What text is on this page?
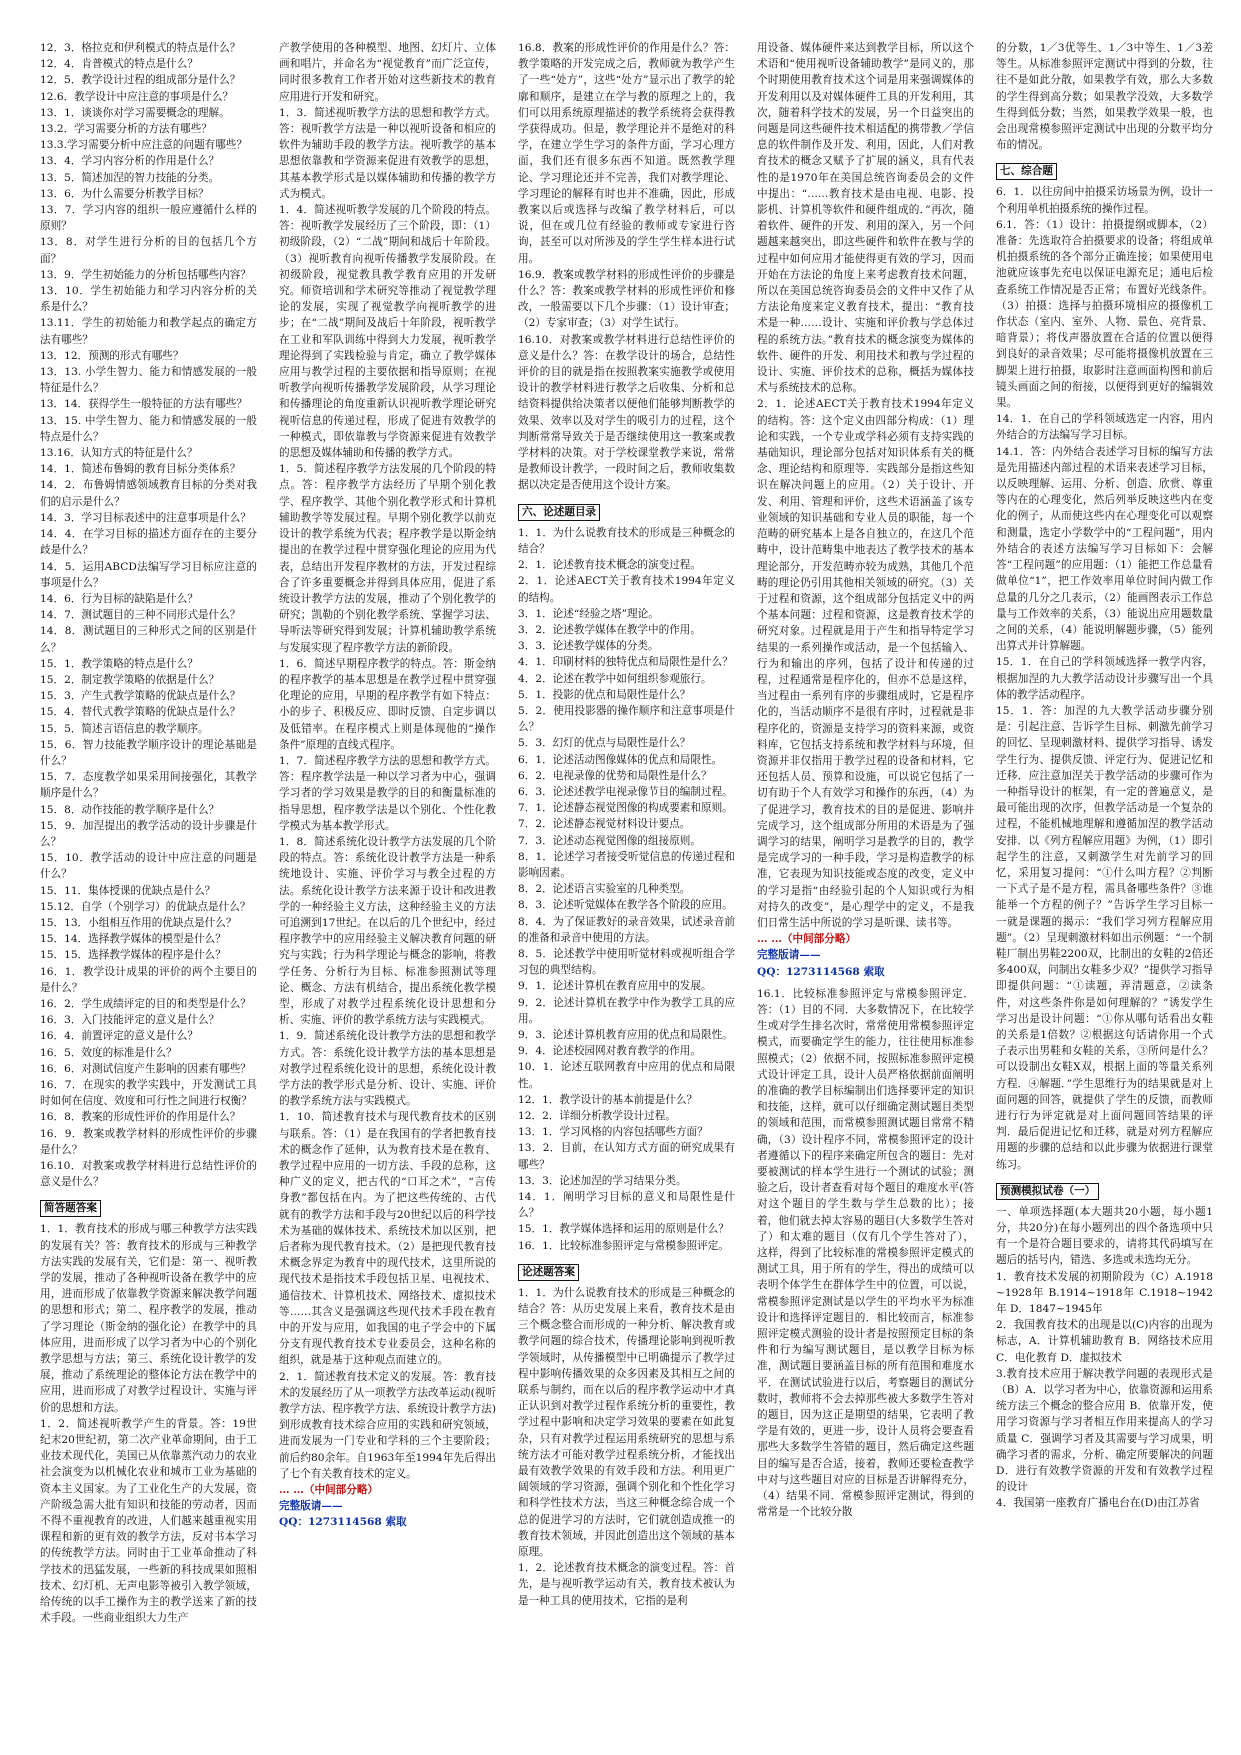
12．3．格拉克和伊利模式的特点是什么？

12．4．肯普模式的特点是什么？

12．5．教学设计过程的组成部分是什么？

12.6．教学设计中应注意的事项是什么？

13．1．谈谈你对学习需要概念的理解。

13.2．学习需要分析的方法有哪些？

13.3.学习需要分析中应注意的问题有哪些？

13．4．学习内容分析的作用是什么？

13．5．简述加涅的智力技能的分类。

13．6．为什么需要分析教学目标？

13．7．学习内容的组织一般应遵循什么样的原则？

13．8．对学生进行分析的目的包括几个方面？

13．9．学生初始能力的分析包括哪些内容？

13．10．学生初始能力和学习内容分析的关系是什么？

13.11．学生的初始能力和教学起点的确定方法有哪些？

13．12．预测的形式有哪些？

13．13. 小学生智力、能力和情感发展的一般特征是什么？

13．14．获得学生一般特征的方法有哪些？

13．15. 中学生智力、能力和情感发展的一般特点是什么？

13.16．认知方式的特征是什么？

14．1．简述布鲁姆的教育目标分类体系？

14．2．布鲁姆情感领域教育目标的分类对我们的启示是什么？

14．3．学习目标表述中的注意事项是什么？

14．4．在学习目标的描述方面存在的主要分歧是什么？

14．5．运用ABCD法编写学习目标应注意的事项是什么？

14．6．行为目标的缺陷是什么？

14．7．测试题目的三种不同形式是什么？

14．8．测试题目的三种形式之间的区别是什么？

15．1．教学策略的特点是什么？

15．2．制定教学策略的依据是什么？

15．3．产生式教学策略的优缺点是什么？

15．4．替代式教学策略的优缺点是什么？

15．5．简述言语信息的教学顺序。

15．6．智力技能教学顺序设计的理论基础是什么？

15．7．态度教学如果采用间接强化，其教学顺序是什么？

15．8．动作技能的教学顺序是什么？

15．9．加涅提出的教学活动的设计步骤是什么？

15．10．教学活动的设计中应注意的问题是什么？

15．11．集体授课的优缺点是什么？

15.12．自学（个别学习）的优缺点是什么？

15．13．小组相互作用的优缺点是什么？

15．14．选择教学媒体的模型是什么？

15．15．选择教学媒体的程序是什么？

16．1．教学设计成果的评价的两个主要目的是什么？

16．2．学生成绩评定的目的和类型是什么？

16．3．入门技能评定的意义是什么？

16．4．前置评定的意义是什么？

16．5．效度的标准是什么？

16．6．对测试信度产生影响的因素有哪些？

16．7．在现实的教学实践中，开发测试工具时如何在信度、效度和可行性之间进行权衡？

16．8．教案的形成性评价的作用是什么？

16．9．教案或教学材料的形成性评价的步骤是什么？

16.10．对教案或教学材料进行总结性评价的意义是什么？

简答题答案

1．1．教育技术的形成与哪三种教学方法实践的发展有关？答：教育技术的形成与三种教学方法实践的发展有关，它们是：第一、视听教学的发展，推动了各种视听设备在教学中的应用，进而形成了依靠教学资源来解决教学问题的思想和形式；第二、程序教学的发展，推动了学习理论（斯金纳的强化论）在教学中的具体应用，进而形成了以学习者为中心的个别化教学思想与方法；第三、系统化设计教学的发展，推动了系统理论的整体论方法在教学中的应用，进而形成了对教学过程设计、实施与评价的思想和方法。

1．2．简述视听教学产生的背景。答：19世纪末20世纪初，第二次产业革命期间，由于工业技术现代化，美国已从依靠蒸汽动力的农业社会演变为以机械化农业和城市工业为基础的资本主义国家。为了工业化生产的大发展，资产阶级急需大批有知识和技能的劳动者，因而不得不重视教育的改进，人们越来越重视实用课程和新的更有效的教学方法，反对书本学习的传统教学方法。同时由于工业革命推动了科学技术的迅猛发展，一些新的科技成果如照相技术、幻灯机、无声电影等被引入教学领域，给传统的以手工操作为主的教学送来了新的技术手段。一些商业组织大力生产

产教学使用的各种模型、地图、幻灯片、立体画和唱片，并命名为“视觉教育”而广泛宣传，同时很多教育工作者开始对这些新技术的教育应用进行开发和研究。

1．3．简述视听教学方法的思想和教学方式。答：视听教学方法是一种以视听设备和相应的软件为辅助手段的教学方法。视听教学的基本思想依靠教和学资源来促进有效教学的思想，其基本教学形式是以媒体辅助和传播的教学方式为模式。

1．4．简述视听教学发展的几个阶段的特点。答：视听教学发展经历了三个阶段，即：（1）初级阶段，（2）“二战”期间和战后十年阶段。（3）视听教育向视听传播教学发展阶段。在初级阶段，视觉教具教学教育应用的开发研究。师资培训和学术研究等推动了视觉教学理论的发展，实现了视觉教学向视听教学的进步；在“二战”期间及战后十年阶段，视听教学在工业和军队训练中得到大力发展，视听教学理论得到了实践检验与肯定，确立了教学媒体应用与教学过程的主要依据和指导原则；在视听教学向视听传播教学发展阶段，从学习理论和传播理论的角度重新认识视听教学理论研究视听信息的传递过程，形成了促进有效教学的一种模式，即依靠教与学资源来促进有效教学的思想及媒体辅助和传播的教学方式。

1．5．简述程序教学方法发展的几个阶段的特点。答：程序教学方法经历了早期个别化教学、程序教学、其他个别化教学形式和计算机辅助教学等发展过程。早期个别化教学以前克设计的教学系统为代表；程序教学是以斯金纳提出的在教学过程中贯穿强化理论的应用为代表，总结出开发程序教材的方法，开发过程综合了许多重要概念并得到具体应用，促进了系统设计教学方法的发展，推动了个别化教学的研究；凯勒的个别化教学系统、掌握学习法、导听法等研究得到发展；计算机辅助教学系统与发展实现了程序教学方法的新阶段。

1．6．简述早期程序教学的特点。答：斯金纳的程序教学的基本思想是在教学过程中贯穿强化理论的应用，早期的程序教学有如下特点：小的步子、积极反应、即时反馈、自定步调以及低错率。在程序模式上则是体现他的“操作条件”原理的直线式程序。

1．7．简述程序教学方法的思想和教学方式。答：程序教学法是一种以学习者为中心，强调学习者的学习效果是教学的目的和衡量标准的指导思想，程序教学法是以个别化、个性化教学模式为基本教学形式。

1．8．简述系统化设计教学方法发展的几个阶段的特点。答：系统化设计教学方法是一种系统地设计、实施、评价学习与教全过程的方法。系统化设计教学方法来源于设计和改进教学的一种经验主义方法，这种经验主义的方法可追溯到17世纪。在以后的几个世纪中，经过程序教学中的应用经验主义解决教育问题的研究与实践；行为科学理论与概念的影响，将教学任务、分析行为目标、标准参照测试等理论、概念、方法有机结合，提出系统化教学模型，形成了对教学过程系统化设计思想和分析、实施、评价的教学系统方法与实践模式。

1．9．简述系统化设计教学方法的思想和教学方式。答：系统化设计教学方法的基本思想是对教学过程系统化设计的思想，系统化设计教学方法的教学形式是分析、设计、实施、评价的教学系统方法与实践模式。

1．10．简述教育技术与现代教育技术的区别与联系。答：（1）是在我国有的学者把教育技术的概念作了延伸，认为教育技术是在教育、教学过程中应用的一切方法、手段的总称，这种广义的定义，把古代的“口耳之术”，“言传身教”都包括在内。为了把这些传统的、古代就有的教学方法和手段与20世纪以后的科学技术为基础的媒体技术、系统技术加以区别，把后者称为现代教育技术。（2）是把现代教育技术概念界定为教育中的现代技术，这里所说的现代技术是指技术手段包括卫星、电视技术、通信技术、计算机技术、网络技术、虚拟技术等……其含义是强调这些现代技术手段在教育中的开发与应用，如我国的电子学会中的下属分支有现代教育技术专业委员会，这种名称的组织，就是基于这种观点而建立的。

2．1．简述教育技术定义的发展。答：教育技术的发展经历了从一项教学方法改革运动(视听教学方法、程序教学方法、系统设计教学方法)到形成教育技术综合应用的实践和研究领域，进而发展为一门专业和学科的三个主要阶段；前后约80余年。自1963年至1994年先后得出了七个有关教育技术的定义。

… …（中间部分略）

完整版请——

QQ：1273114568 索取

16.8．教案的形成性评价的作用是什么？答：教学策略的开发完成之后，教师就为教学产生了一些“处方”，这些“处方”显示出了教学的轮廓和顺序，是建立在学与教的原理之上的，我们可以用系统原理描述的教学系统将会获得教学获得成功。但是，教学理论并不是绝对的科学，在建立学生学习的条件方面，学习心理方面，我们还有很多东西不知道。既然教学理论、学习理论还并不完善，我们对教学理论、学习理论的解释有时也并不准确，因此，形成教案以后或选择与改编了教学材料后，可以说，但在或几位有经验的教师或专家进行咨询，甚至可以对所涉及的学生学生样本进行试用。

16.9．教案或教学材料的形成性评价的步骤是什么？答：教案或教学材料的形成性评价和修改，一般需要以下几个步骤：（1）设计审查；（2）专家审查；（3）对学生试行。

16.10．对教案或教学材料进行总结性评价的意义是什么？答：在教学设计的场合，总结性评价的目的就是指在按照教案实施教学或使用设计的教学材料进行教学之后收集、分析和总结资料提供给决策者以便他们能够判断教学的效果、效率以及对学生的吸引力的过程，这个判断常常导致关于是否继续使用这一教案或教学材料的决策。对于学校课堂教学来说，常常是教师设计教学，一段时间之后，教师收集数据以决定是否使用这个设计方案。

六、论述题目录

1．1．为什么说教育技术的形成是三种概念的结合？

2．1．论述教育技术概念的演变过程。

2．1．论述AECT关于教育技术1994年定义的结构。

3．1．论述“经验之塔”理论。

3．2．论述教学媒体在教学中的作用。

3．3．论述教学媒体的分类。

4．1．印刷材料的独特优点和局限性是什么？

4．2．论述在教学中如何组织参观旅行。

5．1．投影的优点和局限性是什么？

5．2．使用投影器的操作顺序和注意事项是什么？

5．3．幻灯的优点与局限性是什么？

6．1．论述活动图像媒体的优点和局限性。

6．2．电视录像的优势和局限性是什么？

6．3．论述述教学电视录像节目的编制过程。

7．1．论述静态视觉图像的构成要素和原则。

7．2．论述静态视觉材料设计要点。

7．3．论述动态视觉图像的组接原则。

8．1．论述学习者接受听觉信息的传递过程和影响因素。

8．2．论述语言实验室的几种类型。

8．3．论述听觉媒体在教学各个阶段的应用。

8．4．为了保证教好的录音效果，试述录音前的准备和录音中使用的方法。

8．5．论述教学中使用听觉材料或视听组合学习包的典型结构。

9．1．论述计算机在教育应用中的发展。

9．2．论述计算机在教学中作为教学工具的应用。

9．3．论述计算机教育应用的优点和局限性。

9．4．论述校园网对教育教学的作用。

10．1．论述互联网教育中应用的优点和局限性。

12．1．教学设计的基本前提是什么？

12．2．详细分析教学设计过程。

13．1．学习风格的内容包括哪些方面？

13．2．目前，在认知方式方面的研究成果有哪些？

13．3．论述加涅的学习结果分类。

14．1．阐明学习目标的意义和局限性是什么？

15．1．教学媒体选择和运用的原则是什么？

16．1．比较标准参照评定与常模参照评定。

论述题答案

1．1．为什么说教育技术的形成是三种概念的结合？答：从历史发展上来看，教育技术是由三个概念整合而形成的一种分析、解决教育或教学问题的综合技术，传播理论影响到视听教学领域时，从传播模型中已明确提示了教学过程中影响传播效果的众多因素及其相互之间的联系与制约，而在以后的程序教学运动中才真正认识到对教学过程作系统分析的重要性，教学过程中影响和决定学习效果的要素在如此复杂，只有对教学过程运用系统研究的思想与系统方法才可能对教学过程系统分析，才能找出最有效教学效果的有效手段和方法。利用更广阔领域的学习资源，强调个别化和个性化学习和科学性技术方法，当这三种概念综合成一个总的促进学习的方法时，它们就创造成推一的教育技术领域，并因此创造出这个领域的基本原理。

1．2．论述教育技术概念的演变过程。答：首先，是与视听教学运动有关，教育技术被认为是一种工具的使用技术，它指的是利

用设备、媒体硬件来达到教学目标，所以这个术语和“使用视听设备辅助教学”是同义的，那个时期使用教育技术这个词是用来强调媒体的开发利用以及对媒体硬件工具的开发利用，其次，随着科学技术的发展，另一个日益突出的问题是同这些硬件技术相适配的携带教／学信息的软件制作及开发、利用，因此，人们对教育技术的概念又赋予了扩展的涵义，具有代表性的是1970年在美国总统咨询委员会的文件中提出：“……教育技术是由电视、电影、投影机、计算机等软件和硬件组成的．”再次，随着软件、硬件的开发、利用的深入，另一个问题越来越突出，即这些硬件和软件在教与学的过程中如何应用才能使得更有效的学习，因而开始在方法论的角度上来考虑教育技术问题，所以在美国总统咨询委员会的文件中又作了从方法论角度来定义教育技术，提出：“教育技术是一种……设计、实施和评价教与学总体过程的系统方法。”教育技术的概念演变为媒体的软件、硬件的开发、利用技术和教与学过程的设计、实施、评价技术的总称，概括为媒体技术与系统技术的总称。

2．1．论述AECT关于教育技术1994年定义的结构。答：这个定义由四部分构成：（1）理论和实践，一个专业或学科必须有支持实践的基础知识，理论部分包括对知识体系有关的概念、理论结构和原理等．实践部分是指这些知识在解决问题上的应用。（2）关于设计、开发、利用、管理和评价，这些术语涵盖了该专业领域的知识基础和专业人员的职能，每一个范畴的研究基本上是各自独立的，在这几个范畴中，设计范畴集中地表达了教学技术的基本理论部分，开发范畴亦较为成熟，其他几个范畴的理论仍引用其他相关领域的研究。（3）关于过程和资源，这个组成部分包括定义中的两个基本问题：过程和资源，这是教育技术学的研究对象。过程就是用于产生和指导特定学习结果的一系列操作或活动，是一个包括输入、行为和输出的序列，包括了设计和传递的过程，过程通常是程序化的，但亦不总是这样，当过程由一系列有序的步骤组成时，它是程序化的，当活动顺序不是很有序时，过程就是非程序化的，资源是支持学习的资料来源，或资料库，它包括支持系统和教学材料与环境，但资源并非仅指用于教学过程的设备和材料，它还包括人员、预算和设施，可以说它包括了一切有助于个人有效学习和操作的东西，（4）为了促进学习，教育技术的目的是促进、影响并完成学习，这个组成部分所用的术语是为了强调学习的结果，阐明学习是教学的目的，教学是完成学习的一种手段，学习是构造教学的标准，它表现为知识技能或态度的改变，定义中的学习是指“由经验引起的个人知识或行为相对持久的改变”，是心理学中的定义，不是我们日常生活中所说的学习是听课、读书等。

… …（中间部分略）

完整版请——

QQ：1273114568 索取

16.1．比较标准参照评定与常模参照评定．答：（1）目的不同．大多数情况下，在比较学生或对学生排名次时，常常使用常模参照评定模式，而要确定学生的能力，往往使用标准参照模式；（2）依据不同，按照标准参照评定模式设计评定工具，设计人员严格依据前面阐明的准确的教学目标编制出们选择要评定的知识和技能，这样，就可以仔细确定测试题目类型的领域和范围，而常模参照测试题目常常不精确，（3）设计程序不同，常模参照评定的设计者遵循以下的程序来确定所包含的题目：先对要被测试的样本学生进行一个测试的试验；测验之后，设计者查看对每个题目的难度水平(答对这个题目的学生数与学生总数的比）；接着，他们就去掉太容易的题目(大多数学生答对了）和太难的题目（仅有几个学生答对了），这样，得到了比较标准的常模参照评定模式的测试工具，用于所有的学生，得出的成绩可以表明个体学生在群体学生中的位置，可以说，常模参照评定测试是以学生的平均水平为标准设计和选择评定题目的．相比较而言，标准参照评定模式测验的设计者是按照预定目标的条件和行为编写测试题目，是以教学目标为标准，测试题目要涵盖目标的所有范围和难度水平．在测试试验进行以后，考察题目的测试分数时，教师将不会去掉那些被大多数学生答对的题目，因为这正是期望的结果，它表明了教学是有效的，更进一步，设计人员将会要查看那些大多数学生答错的题目，然后确定这些题目的编写是否合适，接着，教师还要检查教学中对与这些题目对应的目标是否讲解得充分，（4）结果不同．常模参照评定测试，得到的常常是一个比较分散

的分数，1／3优等生、1／3中等生、1／3差等生。从标准参照评定测试中得到的分数，往往不是如此分散，如果教学有效，那么大多数的学生得到高分数；如果教学没效，大多数学生得到低分数；当然，如果教学效果一般，也会出现常模参照评定测试中出现的分数平均分布的情况。

七、综合题

6．1．以往房间中拍摄采访场景为例，设计一个利用单机拍摄系统的操作过程。

6.1．答：（1）设计：拍摄提纲或脚本，（2）准备：先选取符合拍摄要求的设备；将组成单机拍摄系统的各个部分正确连接；如果使用电池就应该事先充电以保证电源充足；通电后检查系统工作情况是否正常；布置好光线条件。（3）拍摄：选择与拍摄环境相应的摄像机工作状态（室内、室外、人物、景色、亮背景、暗背景）；将伐声器放置在合适的位置以便得到良好的录音效果；尽可能将摄像机放置在三脚架上进行拍摄，取影时注意画面构图和前后镜头画面之间的衔接，以便得到更好的编辑效果。

14．1．在自己的学科领域选定一内容，用内外结合的方法编写学习目标。

14.1．答：内外结合表述学习目标的编写方法是先用描述内部过程的术语来表述学习目标，以反映理解、运用、分析、创造、欣赏、尊重等内在的心理变化，然后列举反映这些内在变化的例子，从而使这些内在心理变化可以观察和测量，选定小学数学中的“工程问题”，用内外结合的表述方法编写学习目标如下：会解答“工程问题”的应用题：（1）能把工作总量看做单位“1”，把工作效率用单位时间内做工作总量的几分之几表示，（2）能画图表示工作总量与工作效率的关系，（3）能说出应用题数量之间的关系，（4）能说明解题步骤，（5）能列出算式并计算解题。

15．1．在自己的学科领域选择一教学内容，根据加涅的九大教学活动设计步骤写出一个具体的教学活动程序。

15．1．答：加涅的九大教学活动步骤分别是：引起注意、告诉学生目标、刺激先前学习的回忆、呈现刺激材料、提供学习指导、诱发学生行为、提供反馈、评定行为、促进记忆和迁移．应注意加涅关于教学活动的步骤可作为一种指导设计的框架，有一定的普遍意义，是最可能出现的次序，但教学活动是一个复杂的过程，不能机械地理解和遵循加涅的教学活动安排．以《列方程解应用题》为例，（1）即引起学生的注意，又刺激学生对先前学习的回忆，采用复习提问：“①什么叫方程？②判断一下式子是不是方程，需具备哪些条件？③谁能举一个方程的例子？”告诉学生学习目标一一就是课题的揭示：“我们学习列方程解应用题”。（2）呈现刺激材料如出示例题：“一个制鞋厂制出男鞋2200双，比制出的女鞋的2倍还多400双，问制出女鞋多少双？”提供学习指导即提供问题：“①读题，弄清题意，②读条件，对这些条件你是如何理解的？”诱发学生学习出是设计问题：“①你从哪句话看出女鞋的关系是1倍数？②根据这句话请你用一个式子表示出男鞋和女鞋的关系，③所问是什么？可以设制出女鞋X双，根据上面的等量关系列方程．④解题．”学生思维行为的结果就是对上面问题的回答，就提供了学生的反馈，而教师进行行为评定就是对上面问题回答结果的评判．最后促进记忆和迁移，就是对列方程解应用题的步骤的总结和以此步骤为依据进行课堂练习。

预测模拟试卷（一）

一、单项选择题(本大题共20小题，每小题1分，共20分)在每小题列出的四个备选项中只有一个是符合题目要求的，请将其代码填写在题后的括号内，错选、多选或未选均无分。

1．教育技术发展的初期阶段为（C）A.1918~1928年 B.1914~1918年 C.1918~1942年 D．1847~1945年

2．我国教育技术的出现是以(C)内容的出现为标志，A．计算机辅助教育 B．网络技术应用 C．电化教育 D．虚拟技术

3.教育技术应用于解决教学问题的表现形式是（B）A．以学习者为中心，依靠资源和运用系统方法三个概念的整合应用 B．依靠开发，使用学习资源与学习者相互作用来提高人的学习质量 C．强调学习者及其需要与学习成果，明确学习者的需求，分析、确定所要解决的问题 D．进行有效教学资源的开发和有效教学过程的设计

4．我国第一座教育广播电台在(D)由江苏省
